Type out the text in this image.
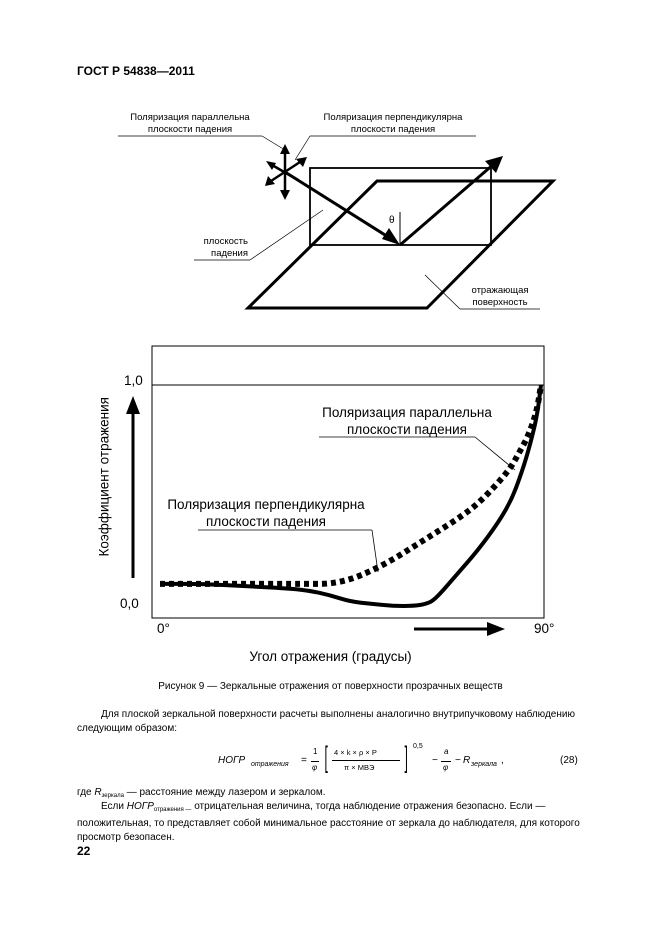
ГОСТ Р 54838—2011
Поляризация параллельна
плоскости падения
Поляризация перпендикулярна
плоскости падения
плоскость
падения
отражающая
поверхность
θ
1,0
0,0
0°	90°
Угол отражения (градусы)
Коэффициент отражения	Поляризация параллельна
плоскости падения
Поляризация перпендикулярна
плоскости падения
Рисунок 9 — Зеркальные отражения от поверхности прозрачных веществ
Для плоской зеркальной поверхности расчеты выполнены аналогично внутрипучковому наблюдению следующим образом:
НОГР отражения =
1
φ [ 4 × k × ρ × P
π × МВЭ ] 0,5
−
a
φ
− R зеркала ,	(28)
где $R_{зеркала}$ — расстояние между лазером и зеркалом.
Если $НОГР_{отражения —}$ отрицательная величина, тогда наблюдение отражения безопасно. Если — положительная, то представляет собой минимальное расстояние от зеркала до наблюдателя, для которого просмотр безопасен.
22
